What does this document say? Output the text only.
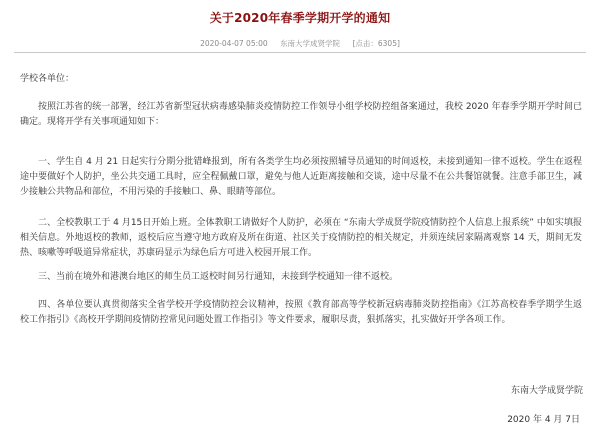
关于2020年春季学期开学的通知
2020-04-07 05:00 东南大学成贤学院 [点击：6305]

学校各单位：

按照江苏省的统一部署，经江苏省新型冠状病毒感染肺炎疫情防控工作领导小组学校防控组备案通过，我校 2020 年春季学期开学时间已确定。现将开学有关事项通知如下：

一、学生自 4 月 21 日起实行分期分批错峰报到，所有各类学生均必须按照辅导员通知的时间返校，未接到通知一律不返校。学生在返程途中要做好个人防护，坐公共交通工具时，应全程佩戴口罩，避免与他人近距离接触和交谈，途中尽量不在公共餐馆就餐。注意手部卫生，减少接触公共物品和部位，不用污染的手接触口、鼻、眼睛等部位。

二、全校教职工于 4 月15日开始上班。全体教职工请做好个人防护，必须在 “东南大学成贤学院疫情防控个人信息上报系统” 中如实填报相关信息。外地返校的教师，返校后应当遵守地方政府及所在街道、社区关于疫情防控的相关规定，并须连续居家隔离观察 14 天，期间无发热、咳嗽等呼吸道异常症状，苏康码显示为绿色后方可进入校园开展工作。

三、当前在境外和港澳台地区的师生员工返校时间另行通知，未接到学校通知一律不返校。

四、各单位要认真贯彻落实全省学校开学疫情防控会议精神，按照《教育部高等学校新冠病毒肺炎防控指南》《江苏高校春季学期学生返校工作指引》《高校开学期间疫情防控常见问题处置工作指引》等文件要求，履职尽责，狠抓落实，扎实做好开学各项工作。

东南大学成贤学院
2020 年 4 月 7日
